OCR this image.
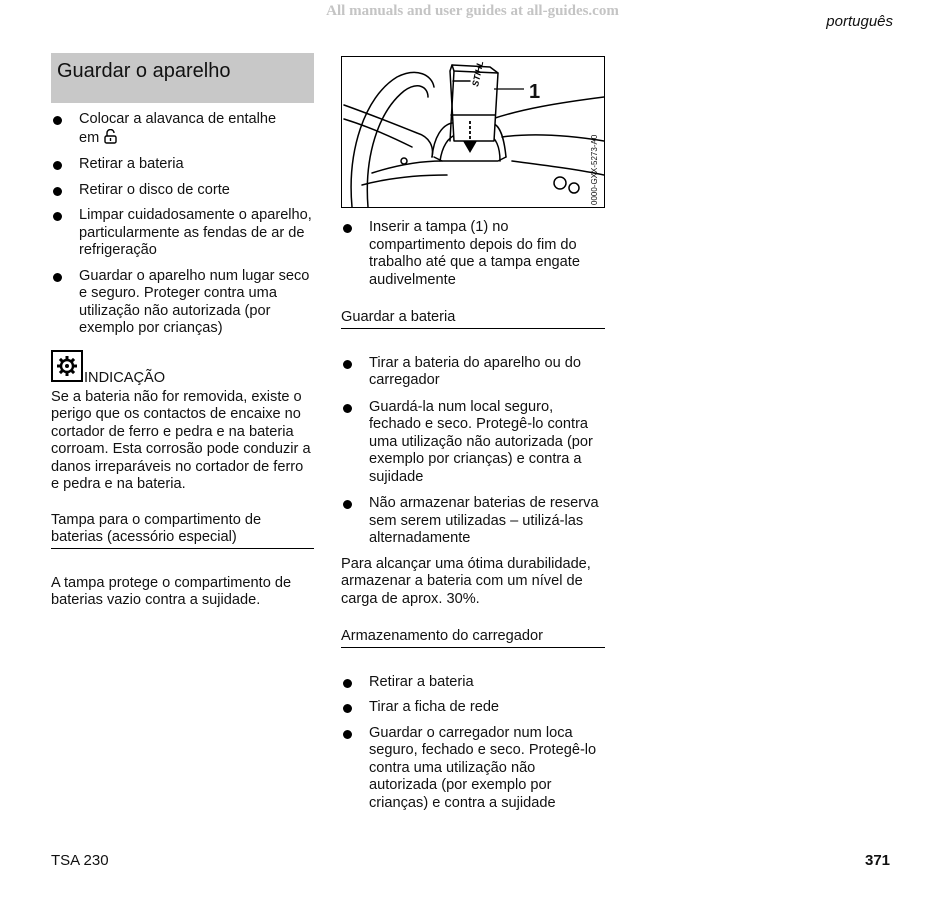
All manuals and user guides at all-guides.com
português
Guardar o aparelho
Colocar a alavanca de entalhe
em
Retirar a bateria
Retirar o disco de corte
Limpar cuidadosamente o aparelho, particularmente as fendas de ar de refrigeração
Guardar o aparelho num lugar seco e seguro. Proteger contra uma utilização não autorizada (por exemplo por crianças)
INDICAÇÃO

Se a bateria não for removida, existe o perigo que os contactos de encaixe no cortador de ferro e pedra e na bateria corroam. Esta corrosão pode conduzir a danos irreparáveis no cortador de ferro e pedra e na bateria.

Tampa para o compartimento de baterias (acessório especial)

A tampa protege o compartimento de baterias vazio contra a sujidade.

STIHL
1
0000-GXX-5273-A0
Inserir a tampa (1) no compartimento depois do fim do trabalho até que a tampa engate audivelmente
Guardar a bateria
Tirar a bateria do aparelho ou do carregador
Guardá-la num local seguro, fechado e seco. Protegê-lo contra uma utilização não autorizada (por exemplo por crianças) e contra a sujidade
Não armazenar baterias de reserva sem serem utilizadas – utilizá-las alternadamente

Para alcançar uma ótima durabilidade, armazenar a bateria com um nível de carga de aprox. 30%.

Armazenamento do carregador
Retirar a bateria
Tirar a ficha de rede
Guardar o carregador num loca seguro, fechado e seco. Protegê-lo contra uma utilização não autorizada (por exemplo por crianças) e contra a sujidade
TSA 230	371
